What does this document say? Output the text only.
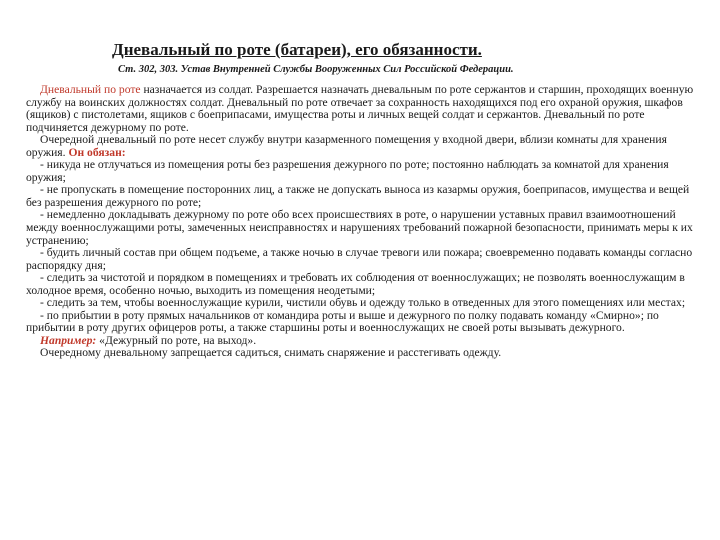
Дневальный по роте (батареи), его обязанности.
Ст. 302, 303. Устав Внутренней Службы Вооруженных Сил Российской Федерации.

Дневальный по роте назначается из солдат. Разрешается назначать дневальным по роте сержантов и старшин, проходящих военную службу на воинских должностях солдат. Дневальный по роте отвечает за сохранность находящихся под его охраной оружия, шкафов (ящиков) с пистолетами, ящиков с боеприпасами, имущества роты и личных вещей солдат и сержантов. Дневальный по роте подчиняется дежурному по роте.

Очередной дневальный по роте несет службу внутри казарменного помещения у входной двери, вблизи комнаты для хранения оружия. Он обязан:

- никуда не отлучаться из помещения роты без разрешения дежурного по роте; постоянно наблюдать за комнатой для хранения оружия;

- не пропускать в помещение посторонних лиц, а также не допускать выноса из казармы оружия, боеприпасов, имущества и вещей без разрешения дежурного по роте;

- немедленно докладывать дежурному по роте обо всех происшествиях в роте, о нарушении уставных правил взаимоотношений между военнослужащими роты, замеченных неисправностях и нарушениях требований пожарной безопасности, принимать меры к их устранению;

- будить личный состав при общем подъеме, а также ночью в случае тревоги или пожара; своевременно подавать команды согласно распорядку дня;

- следить за чистотой и порядком в помещениях и требовать их соблюдения от военнослужащих; не позволять военнослужащим в холодное время, особенно ночью, выходить из помещения неодетыми;

- следить за тем, чтобы военнослужащие курили, чистили обувь и одежду только в отведенных для этого помещениях или местах;

- по прибытии в роту прямых начальников от командира роты и выше и дежурного по полку подавать команду «Смирно»; по прибытии в роту других офицеров роты, а также старшины роты и военнослужащих не своей роты вызывать дежурного.

Например: «Дежурный по роте, на выход».

Очередному дневальному запрещается садиться, снимать снаряжение и расстегивать одежду.
